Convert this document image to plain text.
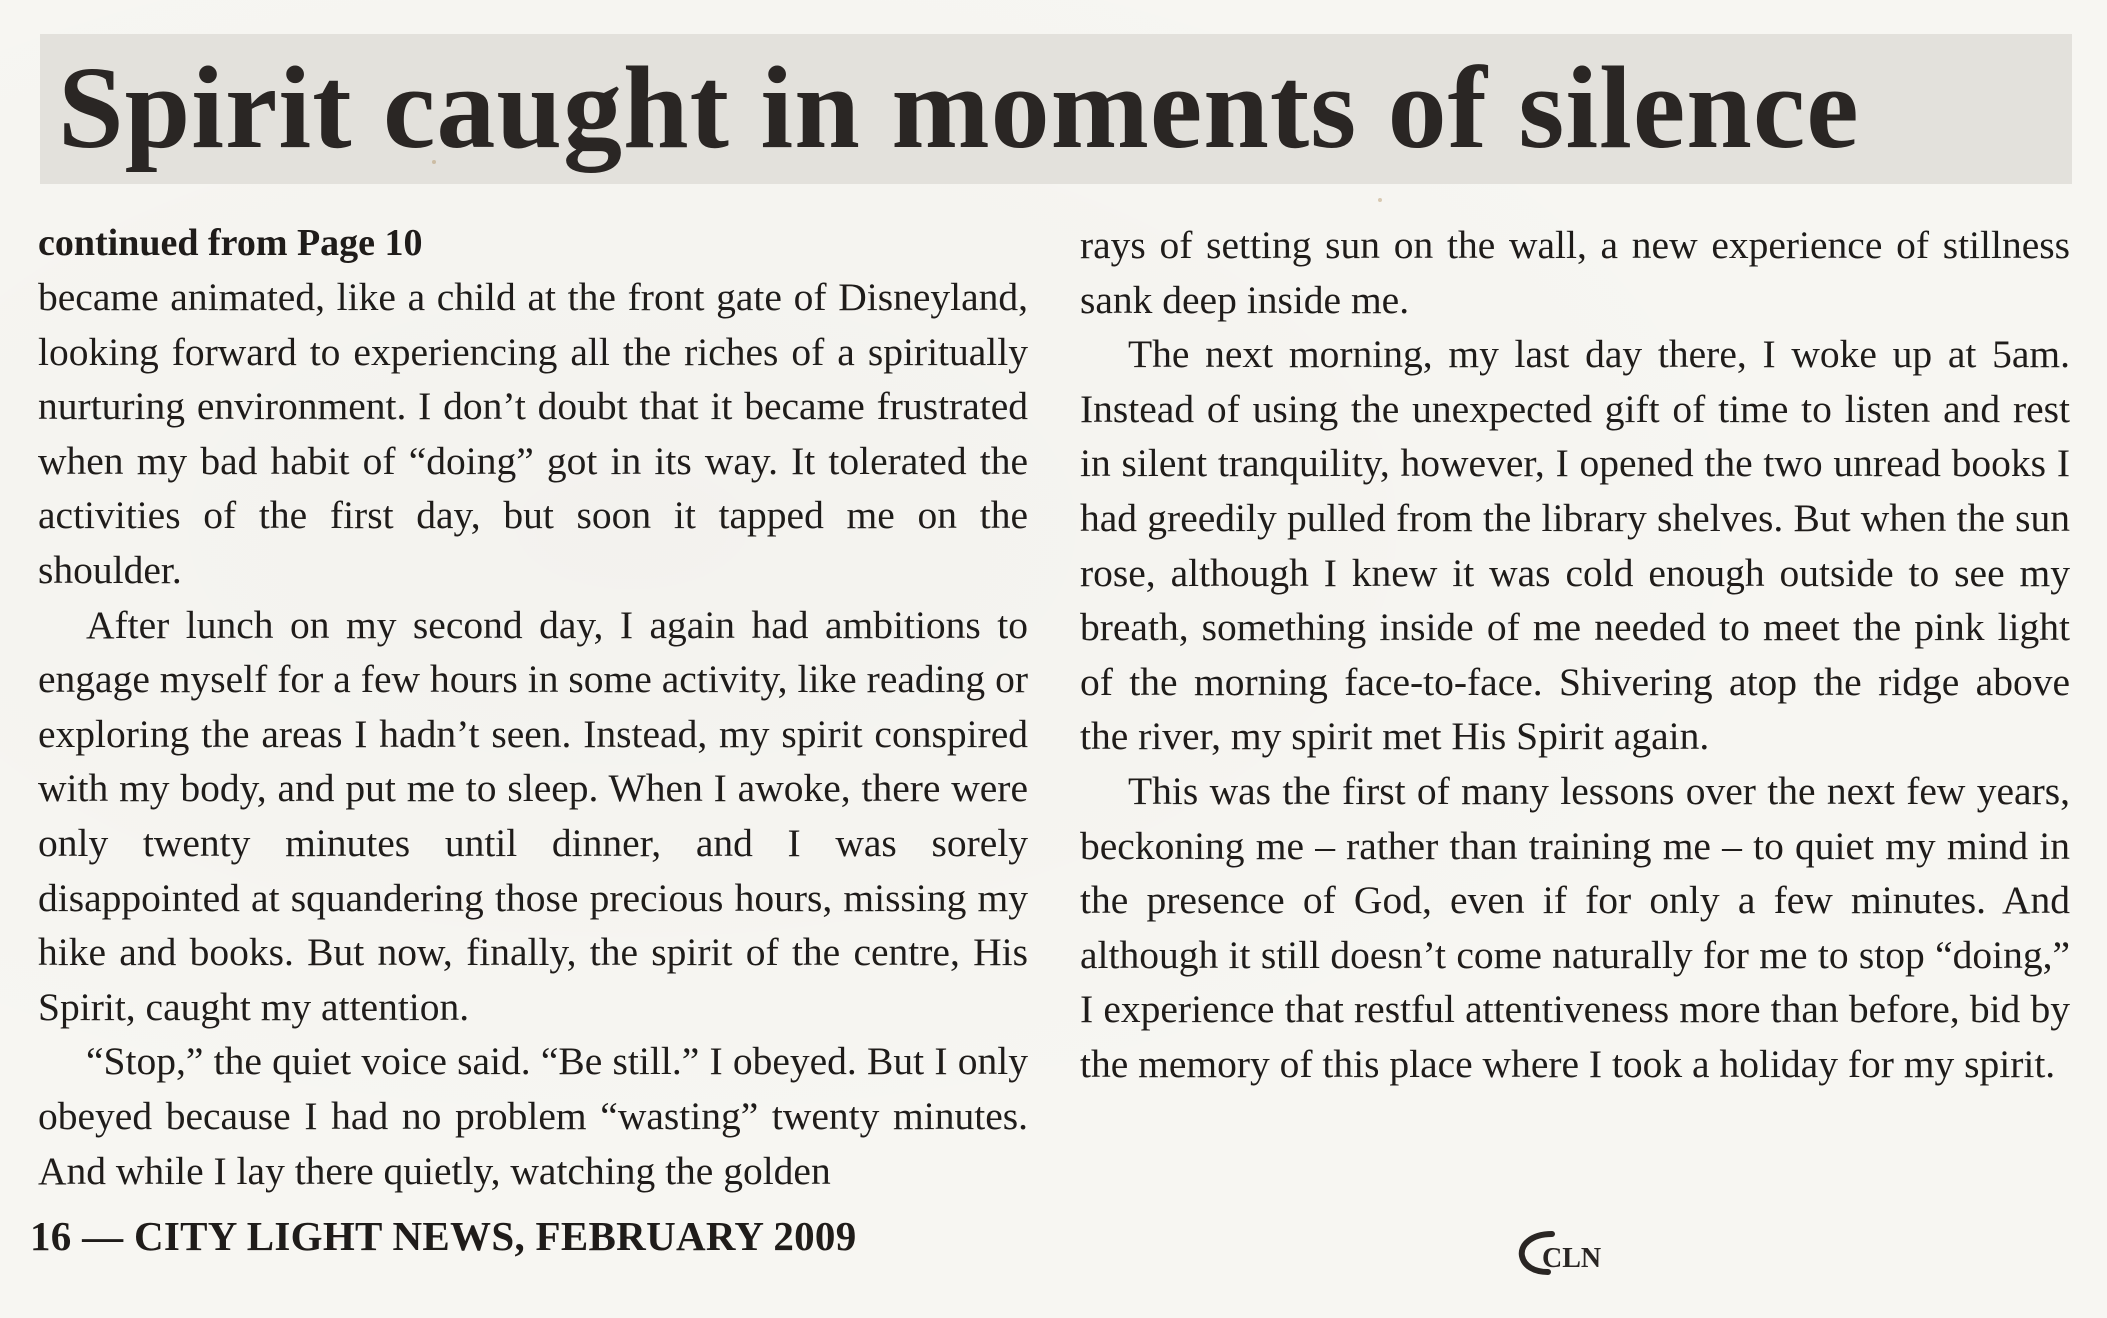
Spirit caught in moments of silence
continued from Page 10

became animated, like a child at the front gate of Disneyland, looking forward to experiencing all the riches of a spiritually nurturing environment. I don’t doubt that it became frustrated when my bad habit of “doing” got in its way. It tolerated the activities of the first day, but soon it tapped me on the shoulder.

After lunch on my second day, I again had ambitions to engage myself for a few hours in some activity, like reading or exploring the areas I hadn’t seen. Instead, my spirit conspired with my body, and put me to sleep. When I awoke, there were only twenty minutes until dinner, and I was sorely disappointed at squandering those precious hours, missing my hike and books. But now, finally, the spirit of the centre, His Spirit, caught my attention.

“Stop,” the quiet voice said. “Be still.” I obeyed. But I only obeyed because I had no problem “wasting” twenty minutes. And while I lay there quietly, watching the golden

rays of setting sun on the wall, a new experience of stillness sank deep inside me.

The next morning, my last day there, I woke up at 5am. Instead of using the unexpected gift of time to listen and rest in silent tranquility, however, I opened the two unread books I had greedily pulled from the library shelves. But when the sun rose, although I knew it was cold enough outside to see my breath, something inside of me needed to meet the pink light of the morning face-to-face. Shivering atop the ridge above the river, my spirit met His Spirit again.

This was the first of many lessons over the next few years, beckoning me – rather than training me – to quiet my mind in the presence of God, even if for only a few minutes. And although it still doesn’t come naturally for me to stop “doing,” I experience that restful attentiveness more than before, bid by the memory of this place where I took a holiday for my spirit.

16 — CITY LIGHT NEWS, FEBRUARY 2009	CLN
